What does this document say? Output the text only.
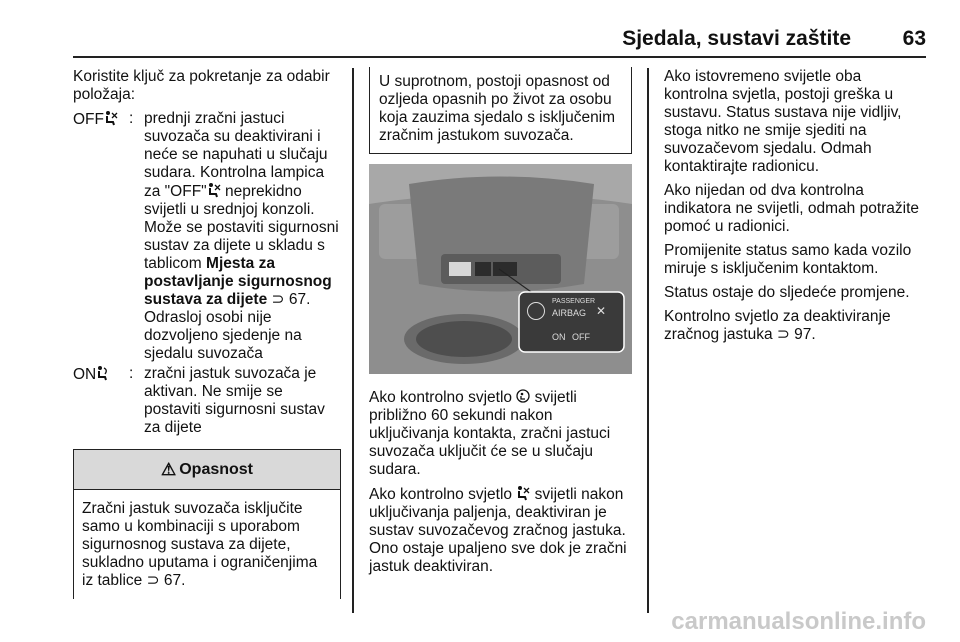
Sjedala, sustavi zaštite 63

Koristite ključ za pokretanje za odabir položaja:

OFF	: prednji zračni jastuci suvozača su deaktivirani i neće se napuhati u slučaju sudara. Kontrolna lampica za "OFF" neprekidno svijetli u srednjoj konzoli. Može se postaviti sigurnosni sustav za dijete u skladu s tablicom Mjesta za postavljanje sigurnosnog sustava za dijete ⊃ 67. Odrasloj osobi nije dozvoljeno sjedenje na sjedalu suvozača
ON	: zračni jastuk suvozača je aktivan. Ne smije se postaviti sigurnosni sustav za dijete
⚠ Opasnost
Zračni jastuk suvozača isključite samo u kombinaciji s uporabom sigurnosnog sustava za dijete, sukladno uputama i ograničenjima iz tablice ⊃ 67.
U suprotnom, postoji opasnost od ozljeda opasnih po život za osobu koja zauzima sjedalo s isključenim zračnim jastukom suvozača.
PASSENGER
AIRBAG
ON OFF
✕

Ako kontrolno svjetlo  svijetli približno 60 sekundi nakon uključivanja kontakta, zračni jastuci suvozača uključit će se u slučaju sudara.

Ako kontrolno svjetlo  svijetli nakon uključivanja paljenja, deaktiviran je sustav suvozačevog zračnog jastuka. Ono ostaje upaljeno sve dok je zračni jastuk deaktiviran.

Ako istovremeno svijetle oba kontrolna svjetla, postoji greška u sustavu. Status sustava nije vidljiv, stoga nitko ne smije sjediti na suvozačevom sjedalu. Odmah kontaktirajte radionicu.

Ako nijedan od dva kontrolna indikatora ne svijetli, odmah potražite pomoć u radionici.

Promijenite status samo kada vozilo miruje s isključenim kontaktom.

Status ostaje do sljedeće promjene.

Kontrolno svjetlo za deaktiviranje zračnog jastuka ⊃ 97.

carmanualsonline.info
